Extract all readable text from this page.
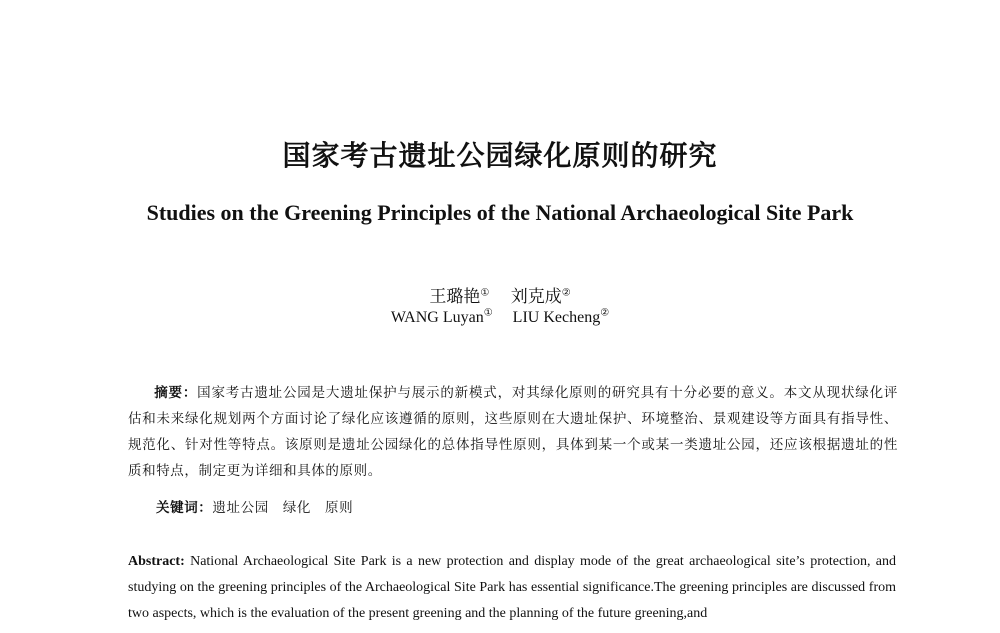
国家考古遗址公园绿化原则的研究
Studies on the Greening Principles of the National Archaeological Site Park
王璐艳① 刘克成②
WANG Luyan① LIU Kecheng②
摘要：国家考古遗址公园是大遗址保护与展示的新模式，对其绿化原则的研究具有十分必要的意义。本文从现状绿化评估和未来绿化规划两个方面讨论了绿化应该遵循的原则，这些原则在大遗址保护、环境整治、景观建设等方面具有指导性、规范化、针对性等特点。该原则是遗址公园绿化的总体指导性原则，具体到某一个或某一类遗址公园，还应该根据遗址的性质和特点，制定更为详细和具体的原则。
关键词：遗址公园 绿化 原则
Abstract: National Archaeological Site Park is a new protection and display mode of the great archaeological site’s protection, and studying on the greening principles of the Archaeological Site Park has essential significance.The greening principles are discussed from two aspects, which is the evaluation of the present greening and the planning of the future greening,and
